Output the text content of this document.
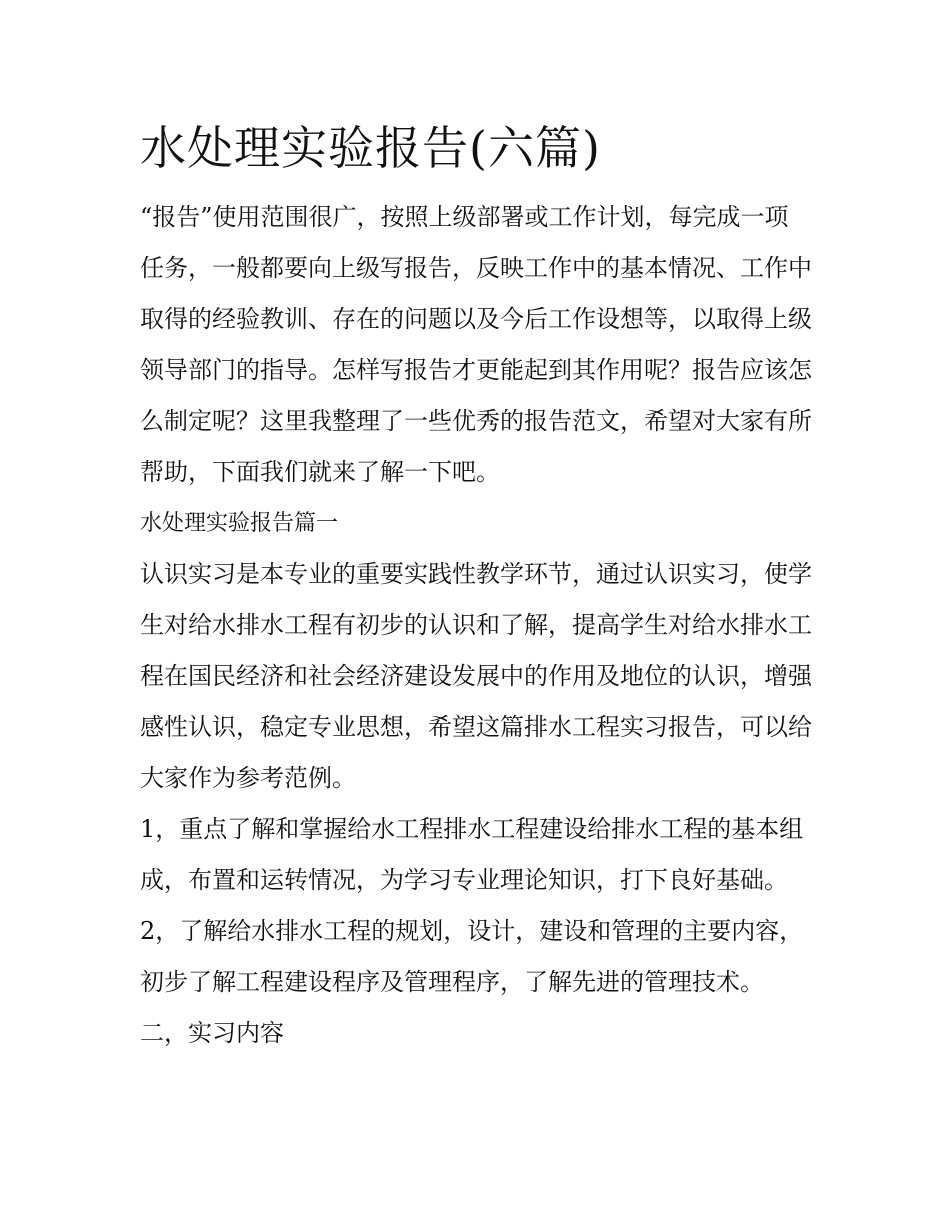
水处理实验报告(六篇)

“报告”使用范围很广，按照上级部署或工作计划，每完成一项任务，一般都要向上级写报告，反映工作中的基本情况、工作中取得的经验教训、存在的问题以及今后工作设想等，以取得上级领导部门的指导。怎样写报告才更能起到其作用呢？报告应该怎么制定呢？这里我整理了一些优秀的报告范文，希望对大家有所帮助，下面我们就来了解一下吧。

水处理实验报告篇一

认识实习是本专业的重要实践性教学环节，通过认识实习，使学生对给水排水工程有初步的认识和了解，提高学生对给水排水工程在国民经济和社会经济建设发展中的作用及地位的认识，增强感性认识，稳定专业思想，希望这篇排水工程实习报告，可以给大家作为参考范例。

1，重点了解和掌握给水工程排水工程建设给排水工程的基本组成，布置和运转情况，为学习专业理论知识，打下良好基础。

2，了解给水排水工程的规划，设计，建设和管理的主要内容，初步了解工程建设程序及管理程序，了解先进的管理技术。 二，实习内容
